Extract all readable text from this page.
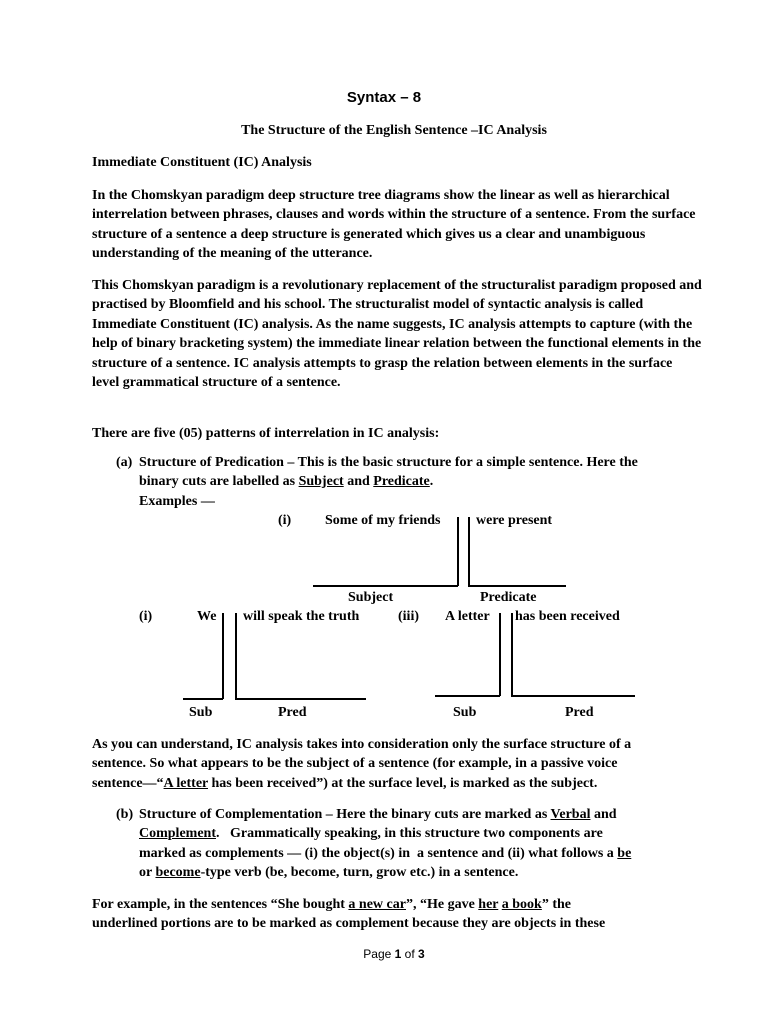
Syntax – 8
The Structure of the English Sentence –IC Analysis
Immediate Constituent (IC) Analysis

In the Chomskyan paradigm deep structure tree diagrams show the linear as well as hierarchical interrelation between phrases, clauses and words within the structure of a sentence. From the surface structure of a sentence a deep structure is generated which gives us a clear and unambiguous understanding of the meaning of the utterance.

This Chomskyan paradigm is a revolutionary replacement of the structuralist paradigm proposed and practised by Bloomfield and his school. The structuralist model of syntactic analysis is called Immediate Constituent (IC) analysis. As the name suggests, IC analysis attempts to capture (with the help of binary bracketing system) the immediate linear relation between the functional elements in the structure of a sentence. IC analysis attempts to grasp the relation between elements in the surface level grammatical structure of a sentence.

There are five (05) patterns of interrelation in IC analysis:

(a) Structure of Predication – This is the basic structure for a simple sentence. Here the
binary cuts are labelled as Subject and Predicate.
Examples —
(i) Some of my friends	were present
Subject	Predicate
(i)	We will speak the truth
Sub	Pred
(iii) A letter has been received
Sub	Pred
As you can understand, IC analysis takes into consideration only the surface structure of a
sentence. So what appears to be the subject of a sentence (for example, in a passive voice
sentence—“A letter has been received”) at the surface level, is marked as the subject.
(b) Structure of Complementation – Here the binary cuts are marked as Verbal and
Complement.   Grammatically speaking, in this structure two components are
marked as complements — (i) the object(s) in  a sentence and (ii) what follows a be
or become-type verb (be, become, turn, grow etc.) in a sentence.
For example, in the sentences “She bought a new car”, “He gave her a book” the
underlined portions are to be marked as complement because they are objects in these
Page 1 of 3
